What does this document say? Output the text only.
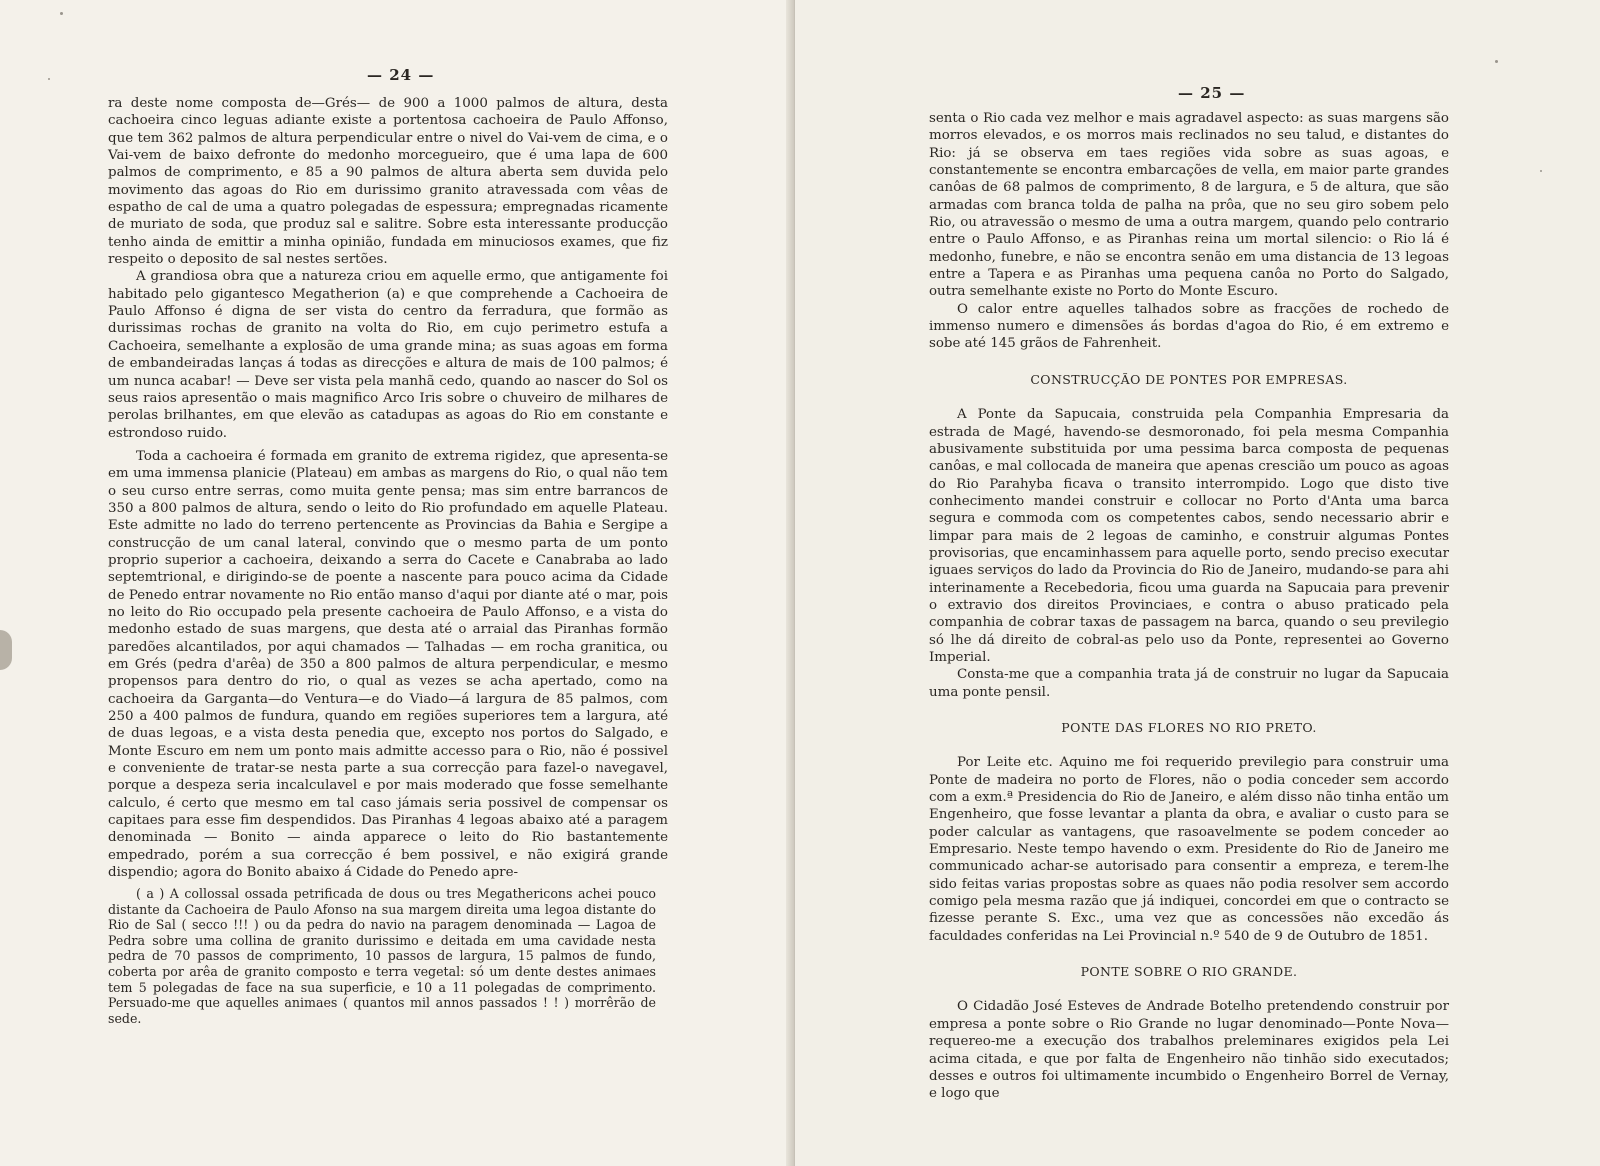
— 24 —

ra deste nome composta de—Grés— de 900 a 1000 palmos de altura, desta cachoeira cinco leguas adiante existe a portentosa cachoeira de Paulo Affonso, que tem 362 palmos de altura perpendicular entre o nivel do Vai-vem de cima, e o Vai-vem de baixo defronte do medonho morcegueiro, que é uma lapa de 600 palmos de comprimento, e 85 a 90 palmos de altura aberta sem duvida pelo movimento das agoas do Rio em durissimo granito atravessada com vêas de espatho de cal de uma a quatro polegadas de espessura; empregnadas ricamente de muriato de soda, que produz sal e salitre. Sobre esta interessante producção tenho ainda de emittir a minha opinião, fundada em minuciosos exames, que fiz respeito o deposito de sal nestes sertões.

A grandiosa obra que a natureza criou em aquelle ermo, que antigamente foi habitado pelo gigantesco Megatherion (a) e que comprehende a Cachoeira de Paulo Affonso é digna de ser vista do centro da ferradura, que formão as durissimas rochas de granito na volta do Rio, em cujo perimetro estufa a Cachoeira, semelhante a explosão de uma grande mina; as suas agoas em forma de embandeiradas lanças á todas as direcções e altura de mais de 100 palmos; é um nunca acabar! — Deve ser vista pela manhã cedo, quando ao nascer do Sol os seus raios apresentão o mais magnifico Arco Iris sobre o chuveiro de milhares de perolas brilhantes, em que elevão as catadupas as agoas do Rio em constante e estrondoso ruido.

Toda a cachoeira é formada em granito de extrema rigidez, que apresenta-se em uma immensa planicie (Plateau) em ambas as margens do Rio, o qual não tem o seu curso entre serras, como muita gente pensa; mas sim entre barrancos de 350 a 800 palmos de altura, sendo o leito do Rio profundado em aquelle Plateau. Este admitte no lado do terreno pertencente as Provincias da Bahia e Sergipe a construcção de um canal lateral, convindo que o mesmo parta de um ponto proprio superior a cachoeira, deixando a serra do Cacete e Canabraba ao lado septemtrional, e dirigindo-se de poente a nascente para pouco acima da Cidade de Penedo entrar novamente no Rio então manso d'aqui por diante até o mar, pois no leito do Rio occupado pela presente cachoeira de Paulo Affonso, e a vista do medonho estado de suas margens, que desta até o arraial das Piranhas formão paredões alcantilados, por aqui chamados — Talhadas — em rocha granitica, ou em Grés (pedra d'arêa) de 350 a 800 palmos de altura perpendicular, e mesmo propensos para dentro do rio, o qual as vezes se acha apertado, como na cachoeira da Garganta—do Ventura—e do Viado—á largura de 85 palmos, com 250 a 400 palmos de fundura, quando em regiões superiores tem a largura, até de duas legoas, e a vista desta penedia que, excepto nos portos do Salgado, e Monte Escuro em nem um ponto mais admitte accesso para o Rio, não é possivel e conveniente de tratar-se nesta parte a sua correcção para fazel-o navegavel, porque a despeza seria incalculavel e por mais moderado que fosse semelhante calculo, é certo que mesmo em tal caso jámais seria possivel de compensar os capitaes para esse fim despendidos. Das Piranhas 4 legoas abaixo até a paragem denominada — Bonito — ainda apparece o leito do Rio bastantemente empedrado, porém a sua correcção é bem possivel, e não exigirá grande dispendio; agora do Bonito abaixo á Cidade do Penedo apre-

( a ) A collossal ossada petrificada de dous ou tres Megathericons achei pouco distante da Cachoeira de Paulo Afonso na sua margem direita uma legoa distante do Rio de Sal ( secco !!! ) ou da pedra do navio na paragem denominada — Lagoa de Pedra sobre uma collina de granito durissimo e deitada em uma cavidade nesta pedra de 70 passos de comprimento, 10 passos de largura, 15 palmos de fundo, coberta por arêa de granito composto e terra vegetal: só um dente destes animaes tem 5 polegadas de face na sua superficie, e 10 a 11 polegadas de comprimento. Persuado-me que aquelles animaes ( quantos mil annos passados ! ! ) morrêrão de sede.

— 25 —

senta o Rio cada vez melhor e mais agradavel aspecto: as suas margens são morros elevados, e os morros mais reclinados no seu talud, e distantes do Rio: já se observa em taes regiões vida sobre as suas agoas, e constantemente se encontra embarcações de vella, em maior parte grandes canôas de 68 palmos de comprimento, 8 de largura, e 5 de altura, que são armadas com branca tolda de palha na prôa, que no seu giro sobem pelo Rio, ou atravessão o mesmo de uma a outra margem, quando pelo contrario entre o Paulo Affonso, e as Piranhas reina um mortal silencio: o Rio lá é medonho, funebre, e não se encontra senão em uma distancia de 13 legoas entre a Tapera e as Piranhas uma pequena canôa no Porto do Salgado, outra semelhante existe no Porto do Monte Escuro.

O calor entre aquelles talhados sobre as fracções de rochedo de immenso numero e dimensões ás bordas d'agoa do Rio, é em extremo e sobe até 145 grãos de Fahrenheit.

CONSTRUCÇÃO DE PONTES POR EMPRESAS.

A Ponte da Sapucaia, construida pela Companhia Empresaria da estrada de Magé, havendo-se desmoronado, foi pela mesma Companhia abusivamente substituida por uma pessima barca composta de pequenas canôas, e mal collocada de maneira que apenas crescião um pouco as agoas do Rio Parahyba ficava o transito interrompido. Logo que disto tive conhecimento mandei construir e collocar no Porto d'Anta uma barca segura e commoda com os competentes cabos, sendo necessario abrir e limpar para mais de 2 legoas de caminho, e construir algumas Pontes provisorias, que encaminhassem para aquelle porto, sendo preciso executar iguaes serviços do lado da Provincia do Rio de Janeiro, mudando-se para ahi interinamente a Recebedoria, ficou uma guarda na Sapucaia para prevenir o extravio dos direitos Provinciaes, e contra o abuso praticado pela companhia de cobrar taxas de passagem na barca, quando o seu previlegio só lhe dá direito de cobral-as pelo uso da Ponte, representei ao Governo Imperial.

Consta-me que a companhia trata já de construir no lugar da Sapucaia uma ponte pensil.

PONTE DAS FLORES NO RIO PRETO.

Por Leite etc. Aquino me foi requerido previlegio para construir uma Ponte de madeira no porto de Flores, não o podia conceder sem accordo com a exm.ª Presidencia do Rio de Janeiro, e além disso não tinha então um Engenheiro, que fosse levantar a planta da obra, e avaliar o custo para se poder calcular as vantagens, que rasoavelmente se podem conceder ao Empresario. Neste tempo havendo o exm. Presidente do Rio de Janeiro me communicado achar-se autorisado para consentir a empreza, e terem-lhe sido feitas varias propostas sobre as quaes não podia resolver sem accordo comigo pela mesma razão que já indiquei, concordei em que o contracto se fizesse perante S. Exc., uma vez que as concessões não excedão ás faculdades conferidas na Lei Provincial n.º 540 de 9 de Outubro de 1851.

PONTE SOBRE O RIO GRANDE.

O Cidadão José Esteves de Andrade Botelho pretendendo construir por empresa a ponte sobre o Rio Grande no lugar denominado—Ponte Nova—requereo-me a execução dos trabalhos preleminares exigidos pela Lei acima citada, e que por falta de Engenheiro não tinhão sido executados; desses e outros foi ultimamente incumbido o Engenheiro Borrel de Vernay, e logo que
